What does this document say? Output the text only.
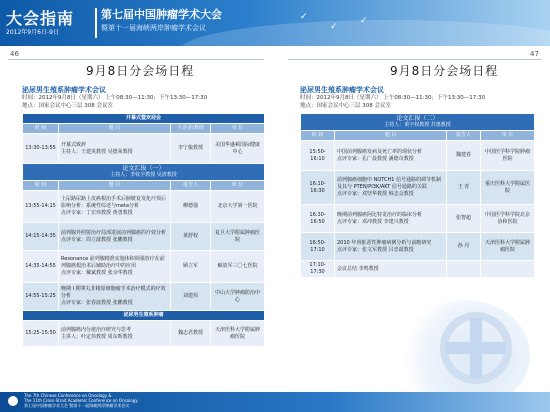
✓
✓
✓
大会指南
2012年9月6日-9日
第七届中国肿瘤学术大会
暨第十一届海峡两岸肿瘤学术会议
46	47
9月8日分会场日程
泌尿男生殖系肿瘤学术会议
时间：2012年9月8日（星期六） 上午08:30—11:30；下午13:30—17:30
地点：国家会议中心三层 308 会议室
开幕式暨欢迎会			
时 间	题 目	主讲者/教授	单 位
13:30-13:55	开幕式致辞
主持人：王建英教授 吴德荣教授	李宁俊教授	美国华盛顿国际健康中心

论文汇报（一）
主持人：李钦宇教授 吴清教授			

时 间	题 目	报告人	单 位
13:55-14:15	上尿路尿路上皮癌根治手术后膀胱复发化疗预后影响分析：系统性综述与meta分析
点评专家：丁宏伟教授 黄勇教授	柳德强	北京大学第一医院
14:15-14:35	前列腺外照射治疗局部进展前列腺癌的疗效分析
点评专家：周立波教授 张鹏教授	黄舒权	复旦大学附属肿瘤医院
14:35-14:55	Resonance 前列腺精准实施体积调强放疗在前列腺癌根治术后辅助治疗中的应用
点评专家：戴斌教授 张余华教授	顾立军	解放军三〇七医院
14:55-15:25	晚期 I 期睾丸非精原细胞瘤手术治疗模式的疗效分析
点评专家：张春波教授 张鹏教授	刘建伟	中山大学肿瘤防治中心
泌尿男生殖系肿瘤			
15:25-15:50	前列腺癌内分泌治疗研究与思考
主讲人：叶定伟教授 周东晖教授	魏志君教授	天津医科大学附属肿瘤医院
9月8日分会场日程
泌尿男生殖系肿瘤学术会议
时间：2012年9月8日（星期六） 上午08:30—11:30；下午13:30—17:30
地点：国家会议中心三层 308 会议室
论文汇报（二）
主持人：黄宇权教授 苏惠教授			

时 间	题 目	报告人	单 位
15:50-16:10	中国前列腺癌发病及死亡率的现状分析
点评专家：孔广晨教授 潘德奇教授	魏建春	中国医学科学院肿瘤医院
16:10-16:30	前列腺癌细胞中 NOTCH1 信号通路的调节机制及其与 PTEN/PI3K/AKT 信号通路的关联
点评专家：邓坚华教授 韩志会教授	王 青	重庆医科大学附属医院
16:30-16:50	晚期前列腺癌阿比特龙治疗的临床分析
点评专家：邓冲教授 李建兴教授	张智超	中国医学科学院北京协和医院
16:50-17:10	2010 年肾脏恶性肿瘤病例分析与前瞻研究
点评专家：张文军教授 吕忠福教授	孙 丹	天津医科大学附属肿瘤医院
17:10-17:30	会议总结 李鸣教授		
The 7th Chinese Conference on Oncology &
The 11th Cross-Strait Academic Conference on Oncology
第七届中国肿瘤学术大会 暨第十一届海峡两岸肿瘤学术会议
